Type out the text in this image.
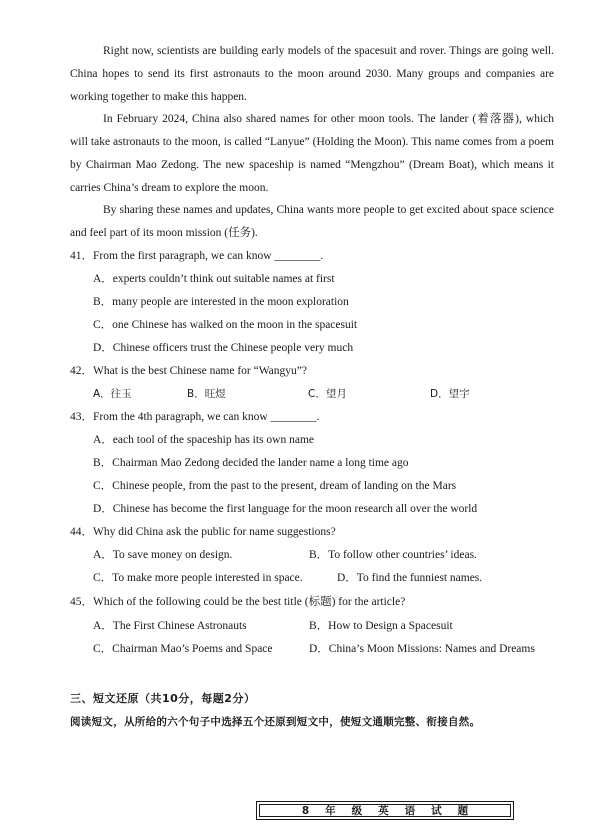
Right now, scientists are building early models of the spacesuit and rover. Things are going well. China hopes to send its first astronauts to the moon around 2030. Many groups and companies are working together to make this happen.

In February 2024, China also shared names for other moon tools. The lander (着落器), which will take astronauts to the moon, is called “Lanyue” (Holding the Moon). This name comes from a poem by Chairman Mao Zedong. The new spaceship is named “Mengzhou” (Dream Boat), which means it carries China’s dream to explore the moon.

By sharing these names and updates, China wants more people to get excited about space science and feel part of its moon mission (任务).

41．From the first paragraph, we can know ________.
A．experts couldn’t think out suitable names at first
B．many people are interested in the moon exploration
C．one Chinese has walked on the moon in the spacesuit
D．Chinese officers trust the Chinese people very much
42．What is the best Chinese name for “Wangyu”?
A．往玉	B．旺煜	C．望月	D．望宇
43．From the 4th paragraph, we can know ________.
A．each tool of the spaceship has its own name
B．Chairman Mao Zedong decided the lander name a long time ago
C．Chinese people, from the past to the present, dream of landing on the Mars
D．Chinese has become the first language for the moon research all over the world
44．Why did China ask the public for name suggestions?
A．To save money on design.	B．To follow other countries’ ideas.
C．To make more people interested in space.	D．To find the funniest names.
45．Which of the following could be the best title (标题) for the article?
A．The First Chinese Astronauts	B．How to Design a Spacesuit
C．Chairman Mao’s Poems and Space	D．China’s Moon Missions: Names and Dreams
三、短文还原（共10分，每题2分）
阅读短文，从所给的六个句子中选择五个还原到短文中，使短文通顺完整、衔接自然。
8年级英语试题
